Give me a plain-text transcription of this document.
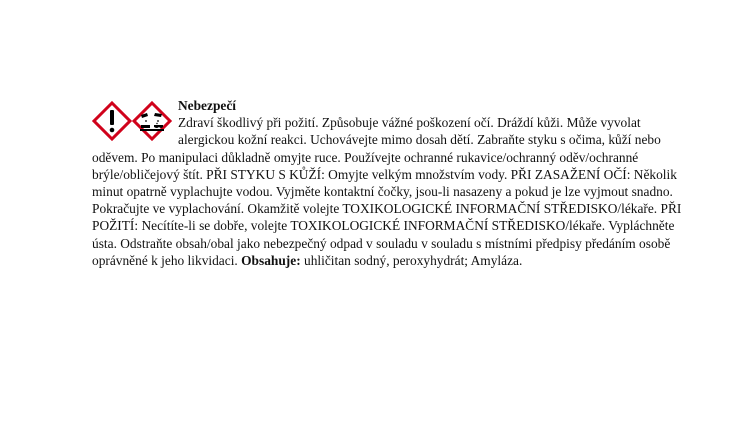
Nebezpečí
Zdraví škodlivý při požití. Způsobuje vážné poškození očí. Dráždí kůži. Může vyvolat alergickou kožní reakci. Uchovávejte mimo dosah dětí. Zabraňte styku s očima, kůží nebo oděvem. Po manipulaci důkladně omyjte ruce. Používejte ochranné rukavice/ochranný oděv/ochranné brýle/obličejový štít. PŘI STYKU S KŮŽÍ: Omyjte velkým množstvím vody. PŘI ZASAŽENÍ OČÍ: Několik minut opatrně vyplachujte vodou. Vyjměte kontaktní čočky, jsou-li nasazeny a pokud je lze vyjmout snadno. Pokračujte ve vyplachování. Okamžitě volejte TOXIKOLOGICKÉ INFORMAČNÍ STŘEDISKO/lékaře. PŘI POŽITÍ: Necítíte-li se dobře, volejte TOXIKOLOGICKÉ INFORMAČNÍ STŘEDISKO/lékaře. Vypláchněte ústa. Odstraňte obsah/obal jako nebezpečný odpad v souladu v souladu s místními předpisy předáním osobě oprávněné k jeho likvidaci. Obsahuje: uhličitan sodný, peroxyhydrát; Amyláza.
